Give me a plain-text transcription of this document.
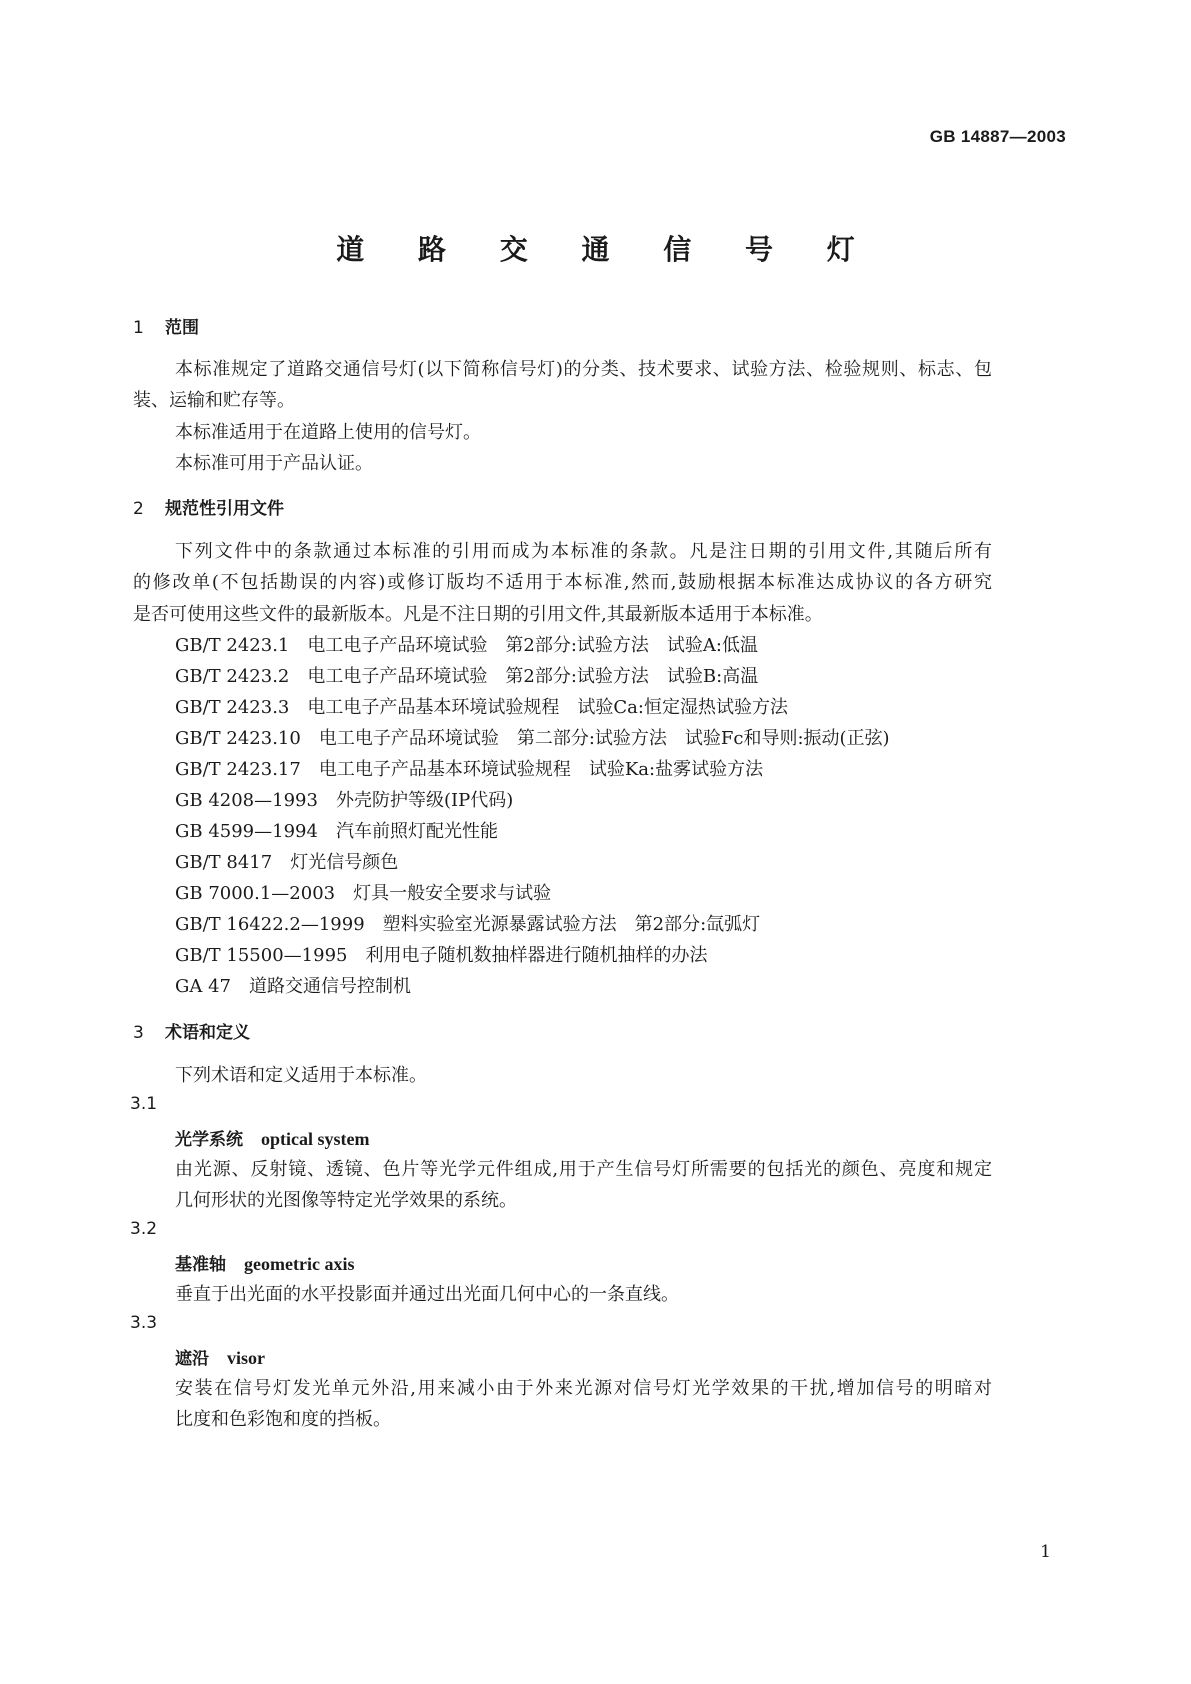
GB 14887—2003
道 路 交 通 信 号 灯
1 范围
本标准规定了道路交通信号灯(以下简称信号灯)的分类、技术要求、试验方法、检验规则、标志、包
装、运输和贮存等。
本标准适用于在道路上使用的信号灯。
本标准可用于产品认证。
2 规范性引用文件
下列文件中的条款通过本标准的引用而成为本标准的条款。凡是注日期的引用文件,其随后所有
的修改单(不包括勘误的内容)或修订版均不适用于本标准,然而,鼓励根据本标准达成协议的各方研究
是否可使用这些文件的最新版本。凡是不注日期的引用文件,其最新版本适用于本标准。
GB/T 2423.1 电工电子产品环境试验　第2部分:试验方法　试验A:低温
GB/T 2423.2 电工电子产品环境试验　第2部分:试验方法　试验B:高温
GB/T 2423.3 电工电子产品基本环境试验规程　试验Ca:恒定湿热试验方法
GB/T 2423.10 电工电子产品环境试验　第二部分:试验方法　试验Fc和导则:振动(正弦)
GB/T 2423.17 电工电子产品基本环境试验规程　试验Ka:盐雾试验方法
GB 4208—1993 外壳防护等级(IP代码)
GB 4599—1994 汽车前照灯配光性能
GB/T 8417 灯光信号颜色
GB 7000.1—2003 灯具一般安全要求与试验
GB/T 16422.2—1999 塑料实验室光源暴露试验方法　第2部分:氙弧灯
GB/T 15500—1995 利用电子随机数抽样器进行随机抽样的办法
GA 47 道路交通信号控制机
3 术语和定义
下列术语和定义适用于本标准。
3.1
光学系统 optical system
由光源、反射镜、透镜、色片等光学元件组成,用于产生信号灯所需要的包括光的颜色、亮度和规定
几何形状的光图像等特定光学效果的系统。
3.2
基准轴 geometric axis
垂直于出光面的水平投影面并通过出光面几何中心的一条直线。
3.3
遮沿 visor
安装在信号灯发光单元外沿,用来减小由于外来光源对信号灯光学效果的干扰,增加信号的明暗对
比度和色彩饱和度的挡板。
1
